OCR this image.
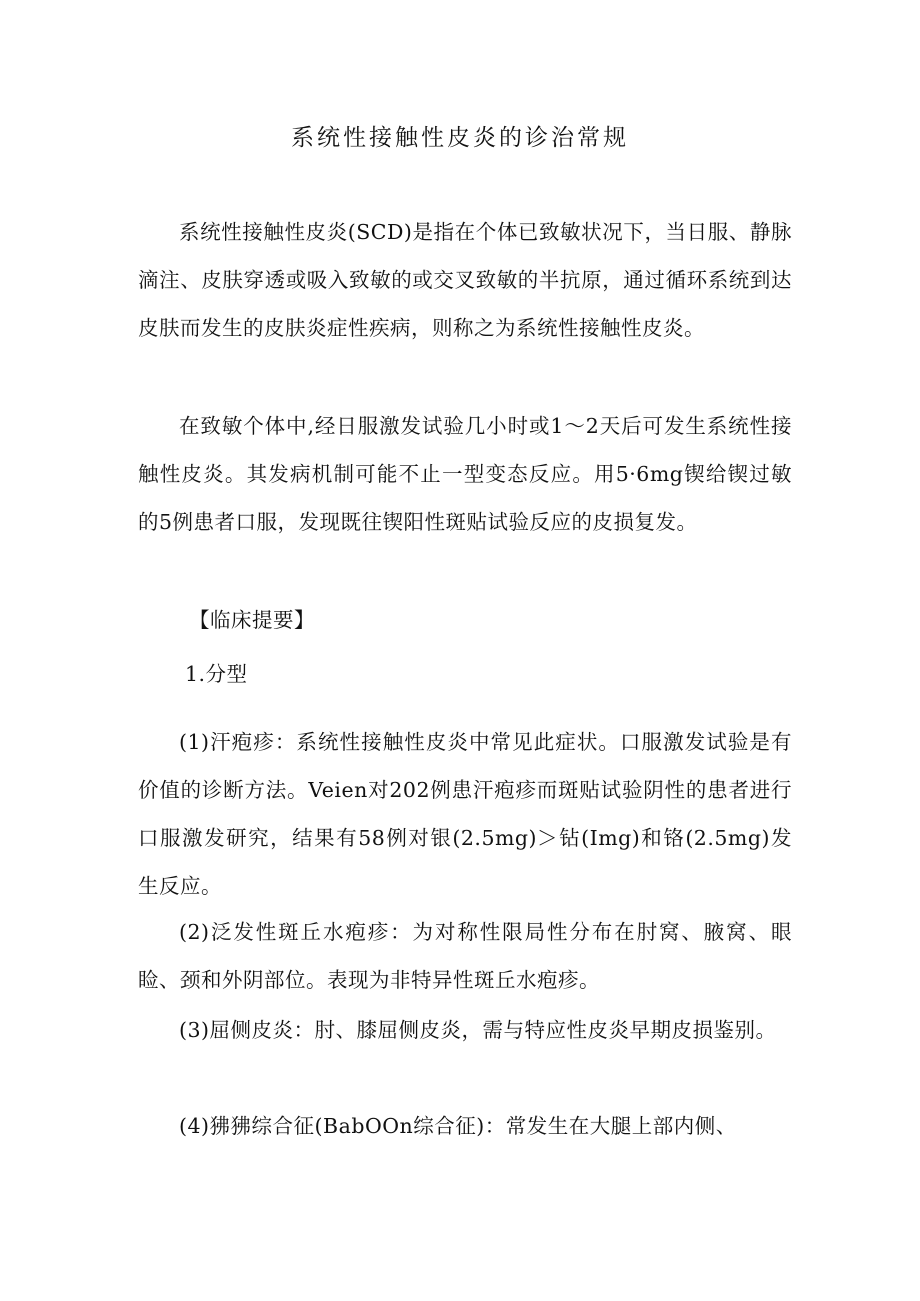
系统性接触性皮炎的诊治常规
系统性接触性皮炎(SCD)是指在个体已致敏状况下，当日服、静脉滴注、皮肤穿透或吸入致敏的或交叉致敏的半抗原，通过循环系统到达皮肤而发生的皮肤炎症性疾病，则称之为系统性接触性皮炎。
在致敏个体中,经日服激发试验几小时或1～2天后可发生系统性接触性皮炎。其发病机制可能不止一型变态反应。用5·6mg锲给锲过敏的5例患者口服，发现既往锲阳性斑贴试验反应的皮损复发。
【临床提要】
1.分型
(1)汗疱疹：系统性接触性皮炎中常见此症状。口服激发试验是有价值的诊断方法。Veien对202例患汗疱疹而斑贴试验阴性的患者进行口服激发研究，结果有58例对银(2.5mg)＞钻(Img)和铬(2.5mg)发生反应。
(2)泛发性斑丘水疱疹：为对称性限局性分布在肘窝、腋窝、眼睑、颈和外阴部位。表现为非特异性斑丘水疱疹。
(3)屈侧皮炎：肘、膝屈侧皮炎，需与特应性皮炎早期皮损鉴别。
(4)狒狒综合征(BabOOn综合征)：常发生在大腿上部内侧、
